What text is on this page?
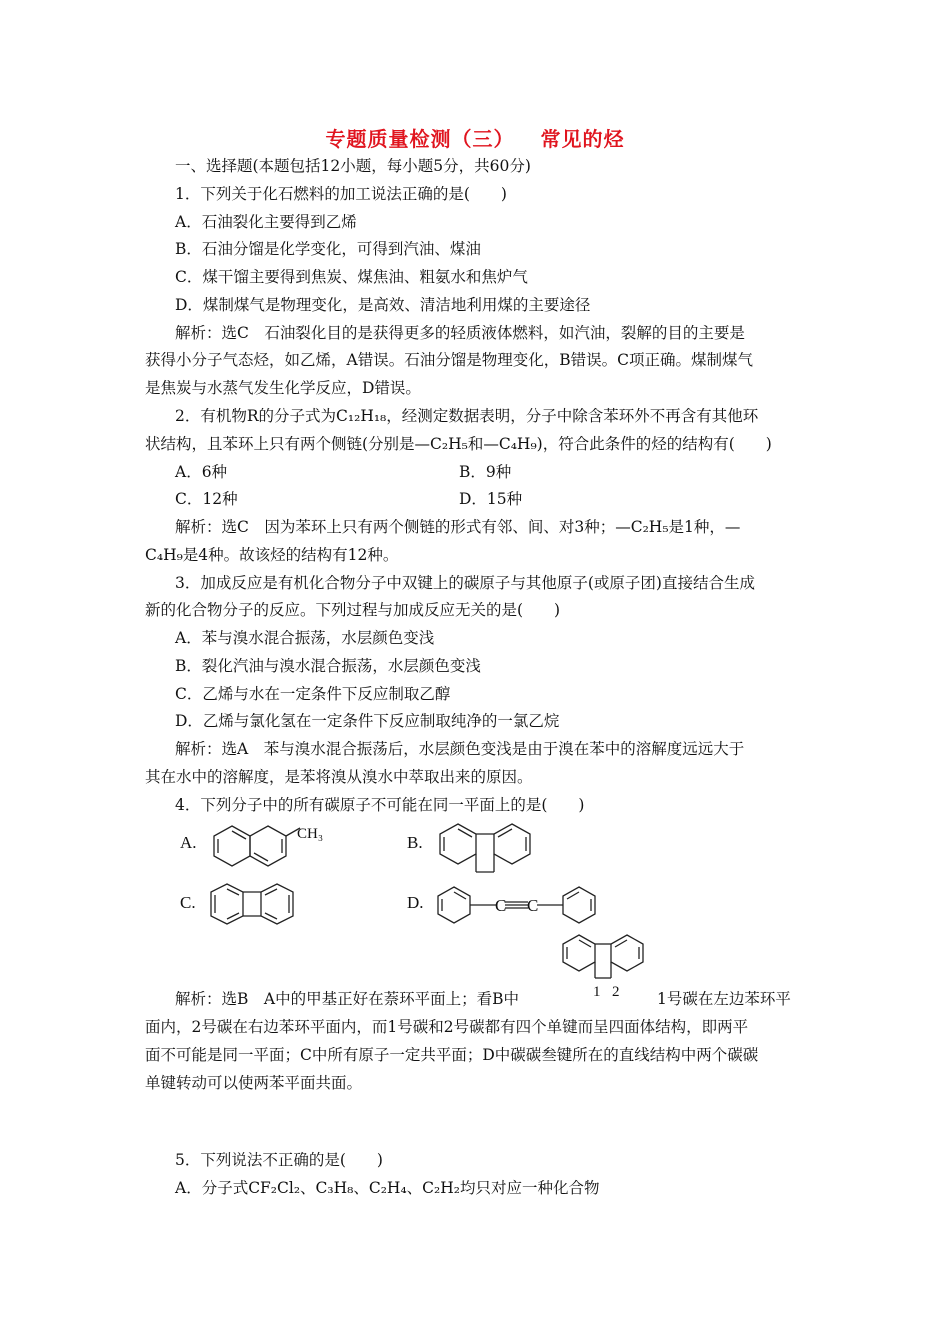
专题质量检测（三） 常见的烃
一、选择题(本题包括12小题，每小题5分，共60分)
1．下列关于化石燃料的加工说法正确的是(　　)
A．石油裂化主要得到乙烯
B．石油分馏是化学变化，可得到汽油、煤油
C．煤干馏主要得到焦炭、煤焦油、粗氨水和焦炉气
D．煤制煤气是物理变化，是高效、清洁地利用煤的主要途径
解析：选C　石油裂化目的是获得更多的轻质液体燃料，如汽油，裂解的目的主要是
获得小分子气态烃，如乙烯，A错误。石油分馏是物理变化，B错误。C项正确。煤制煤气
是焦炭与水蒸气发生化学反应，D错误。
2．有机物R的分子式为C₁₂H₁₈，经测定数据表明，分子中除含苯环外不再含有其他环
状结构，且苯环上只有两个侧链(分别是—C₂H₅和—C₄H₉)，符合此条件的烃的结构有(　　)
A．6种	B．9种
C．12种	D．15种
解析：选C　因为苯环上只有两个侧链的形式有邻、间、对3种；—C₂H₅是1种，—
C₄H₉是4种。故该烃的结构有12种。
3．加成反应是有机化合物分子中双键上的碳原子与其他原子(或原子团)直接结合生成
新的化合物分子的反应。下列过程与加成反应无关的是(　　)
A．苯与溴水混合振荡，水层颜色变浅
B．裂化汽油与溴水混合振荡，水层颜色变浅
C．乙烯与水在一定条件下反应制取乙醇
D．乙烯与氯化氢在一定条件下反应制取纯净的一氯乙烷
解析：选A　苯与溴水混合振荡后，水层颜色变浅是由于溴在苯中的溶解度远远大于
其在水中的溶解度，是苯将溴从溴水中萃取出来的原因。
4．下列分子中的所有碳原子不可能在同一平面上的是(　　)
A.	B.
C.	D.
CH₃
C C
1 2
解析：选B　A中的甲基正好在萘环平面上；看B中	1号碳在左边苯环平
面内，2号碳在右边苯环平面内，而1号碳和2号碳都有四个单键而呈四面体结构，即两平
面不可能是同一平面；C中所有原子一定共平面；D中碳碳叁键所在的直线结构中两个碳碳
单键转动可以使两苯平面共面。
5．下列说法不正确的是(　　)
A．分子式CF₂Cl₂、C₃H₈、C₂H₄、C₂H₂均只对应一种化合物
